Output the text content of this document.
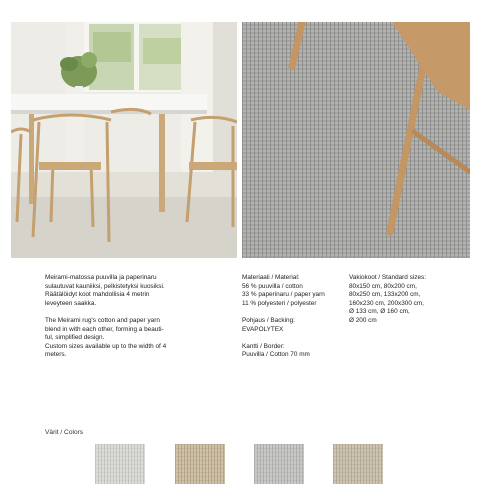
Meirami-matossa puuvilla ja paperinaru

sulautuvat kauniiksi, pelkistetyksi kuosiksi.

Räätälöidyt koot mahdollisia 4 metrin

leveyteen saakka.

The Meirami rug's cotton and paper yarn

blend in with each other, forming a beauti-

ful, simplified design.

Custom sizes available up to the width of 4

meters.

Materiaali / Material:

56 % puuvilla / cotton

33 % paperinaru / paper yarn

11 % polyesteri / polyester

Pohjaus / Backing:

EVAPOLYTEX

Kantti / Border:

Puuvilla / Cotton 70 mm

Vakiokoot / Standard sizes:

80x150 cm, 80x200 cm,

80x250 cm, 133x200 cm,

160x230 cm, 200x300 cm,

Ø 133 cm, Ø 160 cm,

Ø 200 cm

Värit / Colors
